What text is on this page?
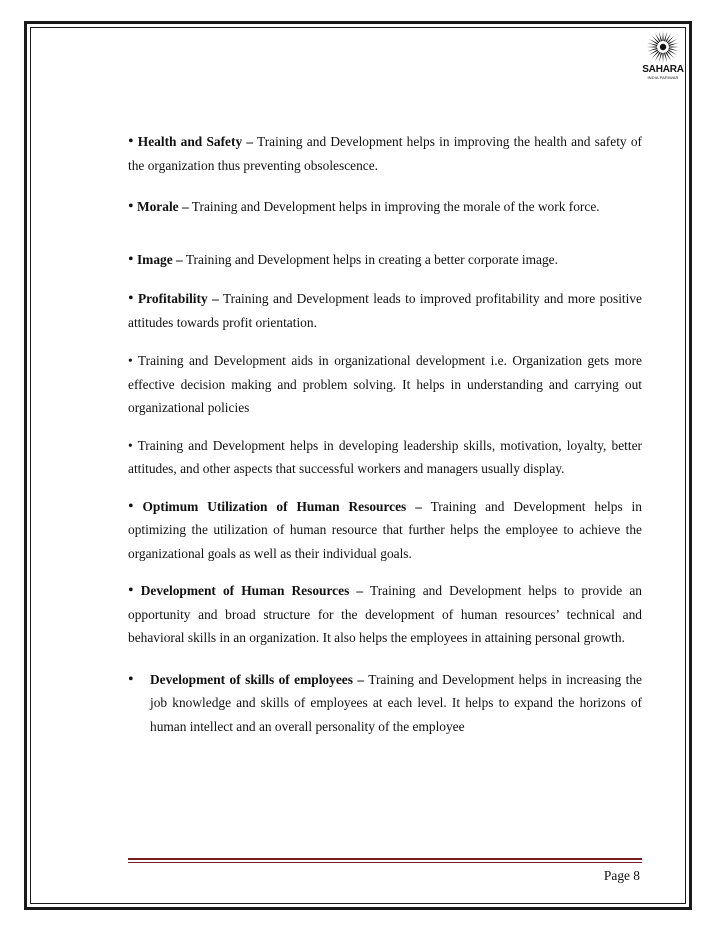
SAHARA
INDIA PARIWAR

• Health and Safety – Training and Development helps in improving the health and safety of the organization thus preventing obsolescence.

• Morale – Training and Development helps in improving the morale of the work force.

• Image – Training and Development helps in creating a better corporate image.

• Profitability – Training and Development leads to improved profitability and more positive attitudes towards profit orientation.

• Training and Development aids in organizational development i.e. Organization gets more effective decision making and problem solving. It helps in understanding and carrying out organizational policies

• Training and Development helps in developing leadership skills, motivation, loyalty, better attitudes, and other aspects that successful workers and managers usually display.

• Optimum Utilization of Human Resources – Training and Development helps in optimizing the utilization of human resource that further helps the employee to achieve the organizational goals as well as their individual goals.

• Development of Human Resources – Training and Development helps to provide an opportunity and broad structure for the development of human resources’ technical and behavioral skills in an organization. It also helps the employees in attaining personal growth.

• Development of skills of employees – Training and Development helps in increasing the job knowledge and skills of employees at each level. It helps to expand the horizons of human intellect and an overall personality of the employee

Page 8
